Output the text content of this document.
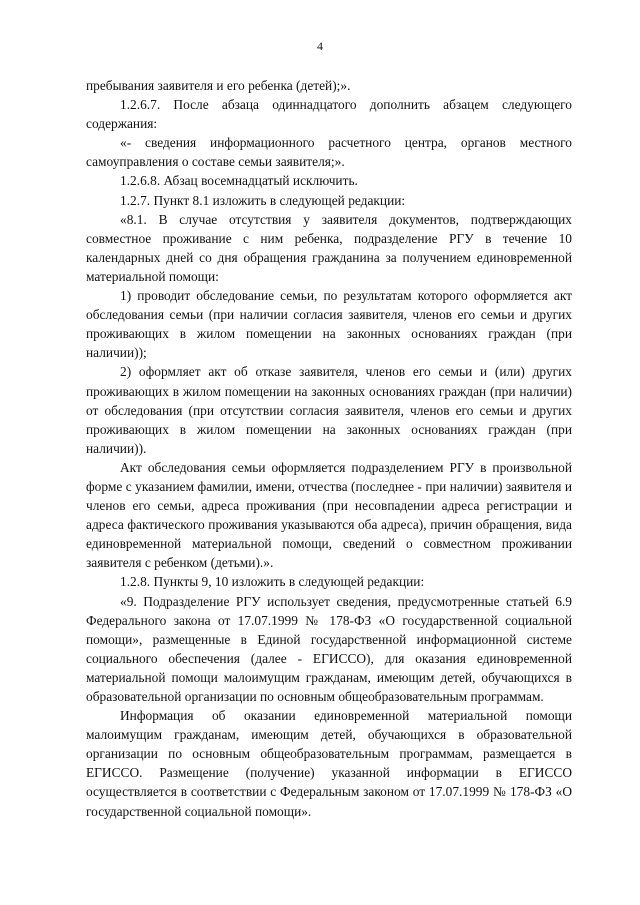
4

пребывания заявителя и его ребенка (детей);».

1.2.6.7. После абзаца одиннадцатого дополнить абзацем следующего содержания:

«- сведения информационного расчетного центра, органов местного самоуправления о составе семьи заявителя;».

1.2.6.8. Абзац восемнадцатый исключить.

1.2.7. Пункт 8.1 изложить в следующей редакции:

«8.1. В случае отсутствия у заявителя документов, подтверждающих совместное проживание с ним ребенка, подразделение РГУ в течение 10 календарных дней со дня обращения гражданина за получением единовременной материальной помощи:

1) проводит обследование семьи, по результатам которого оформляется акт обследования семьи (при наличии согласия заявителя, членов его семьи и других проживающих в жилом помещении на законных основаниях граждан (при наличии));

2) оформляет акт об отказе заявителя, членов его семьи и (или) других проживающих в жилом помещении на законных основаниях граждан (при наличии) от обследования (при отсутствии согласия заявителя, членов его семьи и других проживающих в жилом помещении на законных основаниях граждан (при наличии)).

Акт обследования семьи оформляется подразделением РГУ в произвольной форме с указанием фамилии, имени, отчества (последнее - при наличии) заявителя и членов его семьи, адреса проживания (при несовпадении адреса регистрации и адреса фактического проживания указываются оба адреса), причин обращения, вида единовременной материальной помощи, сведений о совместном проживании заявителя с ребенком (детьми).».

1.2.8. Пункты 9, 10 изложить в следующей редакции:

«9. Подразделение РГУ использует сведения, предусмотренные статьей 6.9 Федерального закона от 17.07.1999 № 178-ФЗ «О государственной социальной помощи», размещенные в Единой государственной информационной системе социального обеспечения (далее - ЕГИССО), для оказания единовременной материальной помощи малоимущим гражданам, имеющим детей, обучающихся в образовательной организации по основным общеобразовательным программам.

Информация об оказании единовременной материальной помощи малоимущим гражданам, имеющим детей, обучающихся в образовательной организации по основным общеобразовательным программам, размещается в ЕГИССО. Размещение (получение) указанной информации в ЕГИССО осуществляется в соответствии с Федеральным законом от 17.07.1999 № 178-ФЗ «О государственной социальной помощи».
